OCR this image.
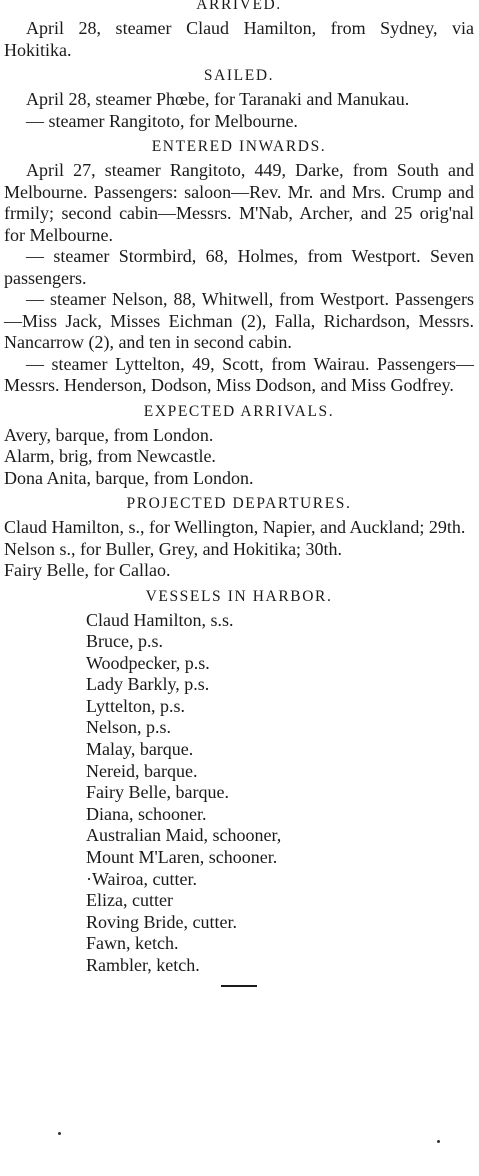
ARRIVED.

April 28, steamer Claud Hamilton, from Sydney, via Hokitika.

SAILED.

April 28, steamer Phœbe, for Taranaki and Manukau.

— steamer Rangitoto, for Melbourne.

ENTERED INWARDS.

April 27, steamer Rangitoto, 449, Darke, from South and Melbourne. Passengers: saloon—Rev. Mr. and Mrs. Crump and frmily; second cabin—Messrs. M'Nab, Archer, and 25 orig'nal for Melbourne.

— steamer Stormbird, 68, Holmes, from Westport. Seven passengers.

— steamer Nelson, 88, Whitwell, from Westport. Passengers—Miss Jack, Misses Eichman (2), Falla, Richardson, Messrs. Nancarrow (2), and ten in second cabin.

— steamer Lyttelton, 49, Scott, from Wairau. Passengers—Messrs. Henderson, Dodson, Miss Dodson, and Miss Godfrey.

EXPECTED ARRIVALS.

Avery, barque, from London.

Alarm, brig, from Newcastle.

Dona Anita, barque, from London.

PROJECTED DEPARTURES.

Claud Hamilton, s., for Wellington, Napier, and Auckland; 29th.

Nelson s., for Buller, Grey, and Hokitika; 30th.

Fairy Belle, for Callao.

VESSELS IN HARBOR.
Claud Hamilton, s.s.
Bruce, p.s.
Woodpecker, p.s.
Lady Barkly, p.s.
Lyttelton, p.s.
Nelson, p.s.
Malay, barque.
Nereid, barque.
Fairy Belle, barque.
Diana, schooner.
Australian Maid, schooner,
Mount M'Laren, schooner.
·Wairoa, cutter.
Eliza, cutter
Roving Bride, cutter.
Fawn, ketch.
Rambler, ketch.
